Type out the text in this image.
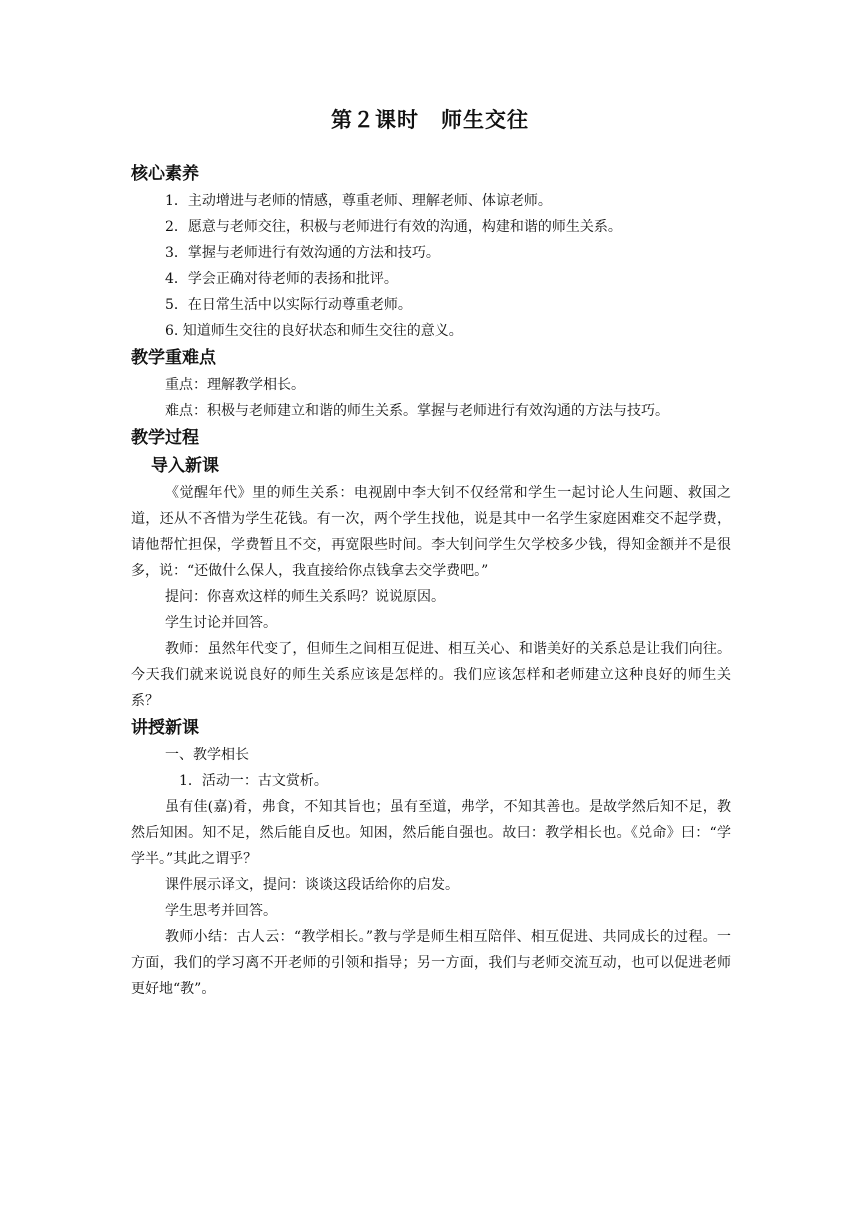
第２课时　师生交往

核心素养

1．主动增进与老师的情感，尊重老师、理解老师、体谅老师。

2．愿意与老师交往，积极与老师进行有效的沟通，构建和谐的师生关系。

3．掌握与老师进行有效沟通的方法和技巧。

4．学会正确对待老师的表扬和批评。

5．在日常生活中以实际行动尊重老师。

6. 知道师生交往的良好状态和师生交往的意义。

教学重难点

重点：理解教学相长。

难点：积极与老师建立和谐的师生关系。掌握与老师进行有效沟通的方法与技巧。

教学过程

导入新课

《觉醒年代》里的师生关系：电视剧中李大钊不仅经常和学生一起讨论人生问题、救国之道，还从不吝惜为学生花钱。有一次，两个学生找他，说是其中一名学生家庭困难交不起学费，请他帮忙担保，学费暂且不交，再宽限些时间。李大钊问学生欠学校多少钱，得知金额并不是很多，说：“还做什么保人，我直接给你点钱拿去交学费吧。”

提问：你喜欢这样的师生关系吗？说说原因。

学生讨论并回答。

教师：虽然年代变了，但师生之间相互促进、相互关心、和谐美好的关系总是让我们向往。今天我们就来说说良好的师生关系应该是怎样的。我们应该怎样和老师建立这种良好的师生关系？

讲授新课

一、教学相长

1．活动一：古文赏析。

虽有佳(嘉)肴，弗食，不知其旨也；虽有至道，弗学，不知其善也。是故学然后知不足，教然后知困。知不足，然后能自反也。知困，然后能自强也。故曰：教学相长也。《兑命》曰：“学学半。”其此之谓乎？

课件展示译文，提问：谈谈这段话给你的启发。

学生思考并回答。

教师小结：古人云：“教学相长。”教与学是师生相互陪伴、相互促进、共同成长的过程。一方面，我们的学习离不开老师的引领和指导；另一方面，我们与老师交流互动，也可以促进老师更好地“教”。
